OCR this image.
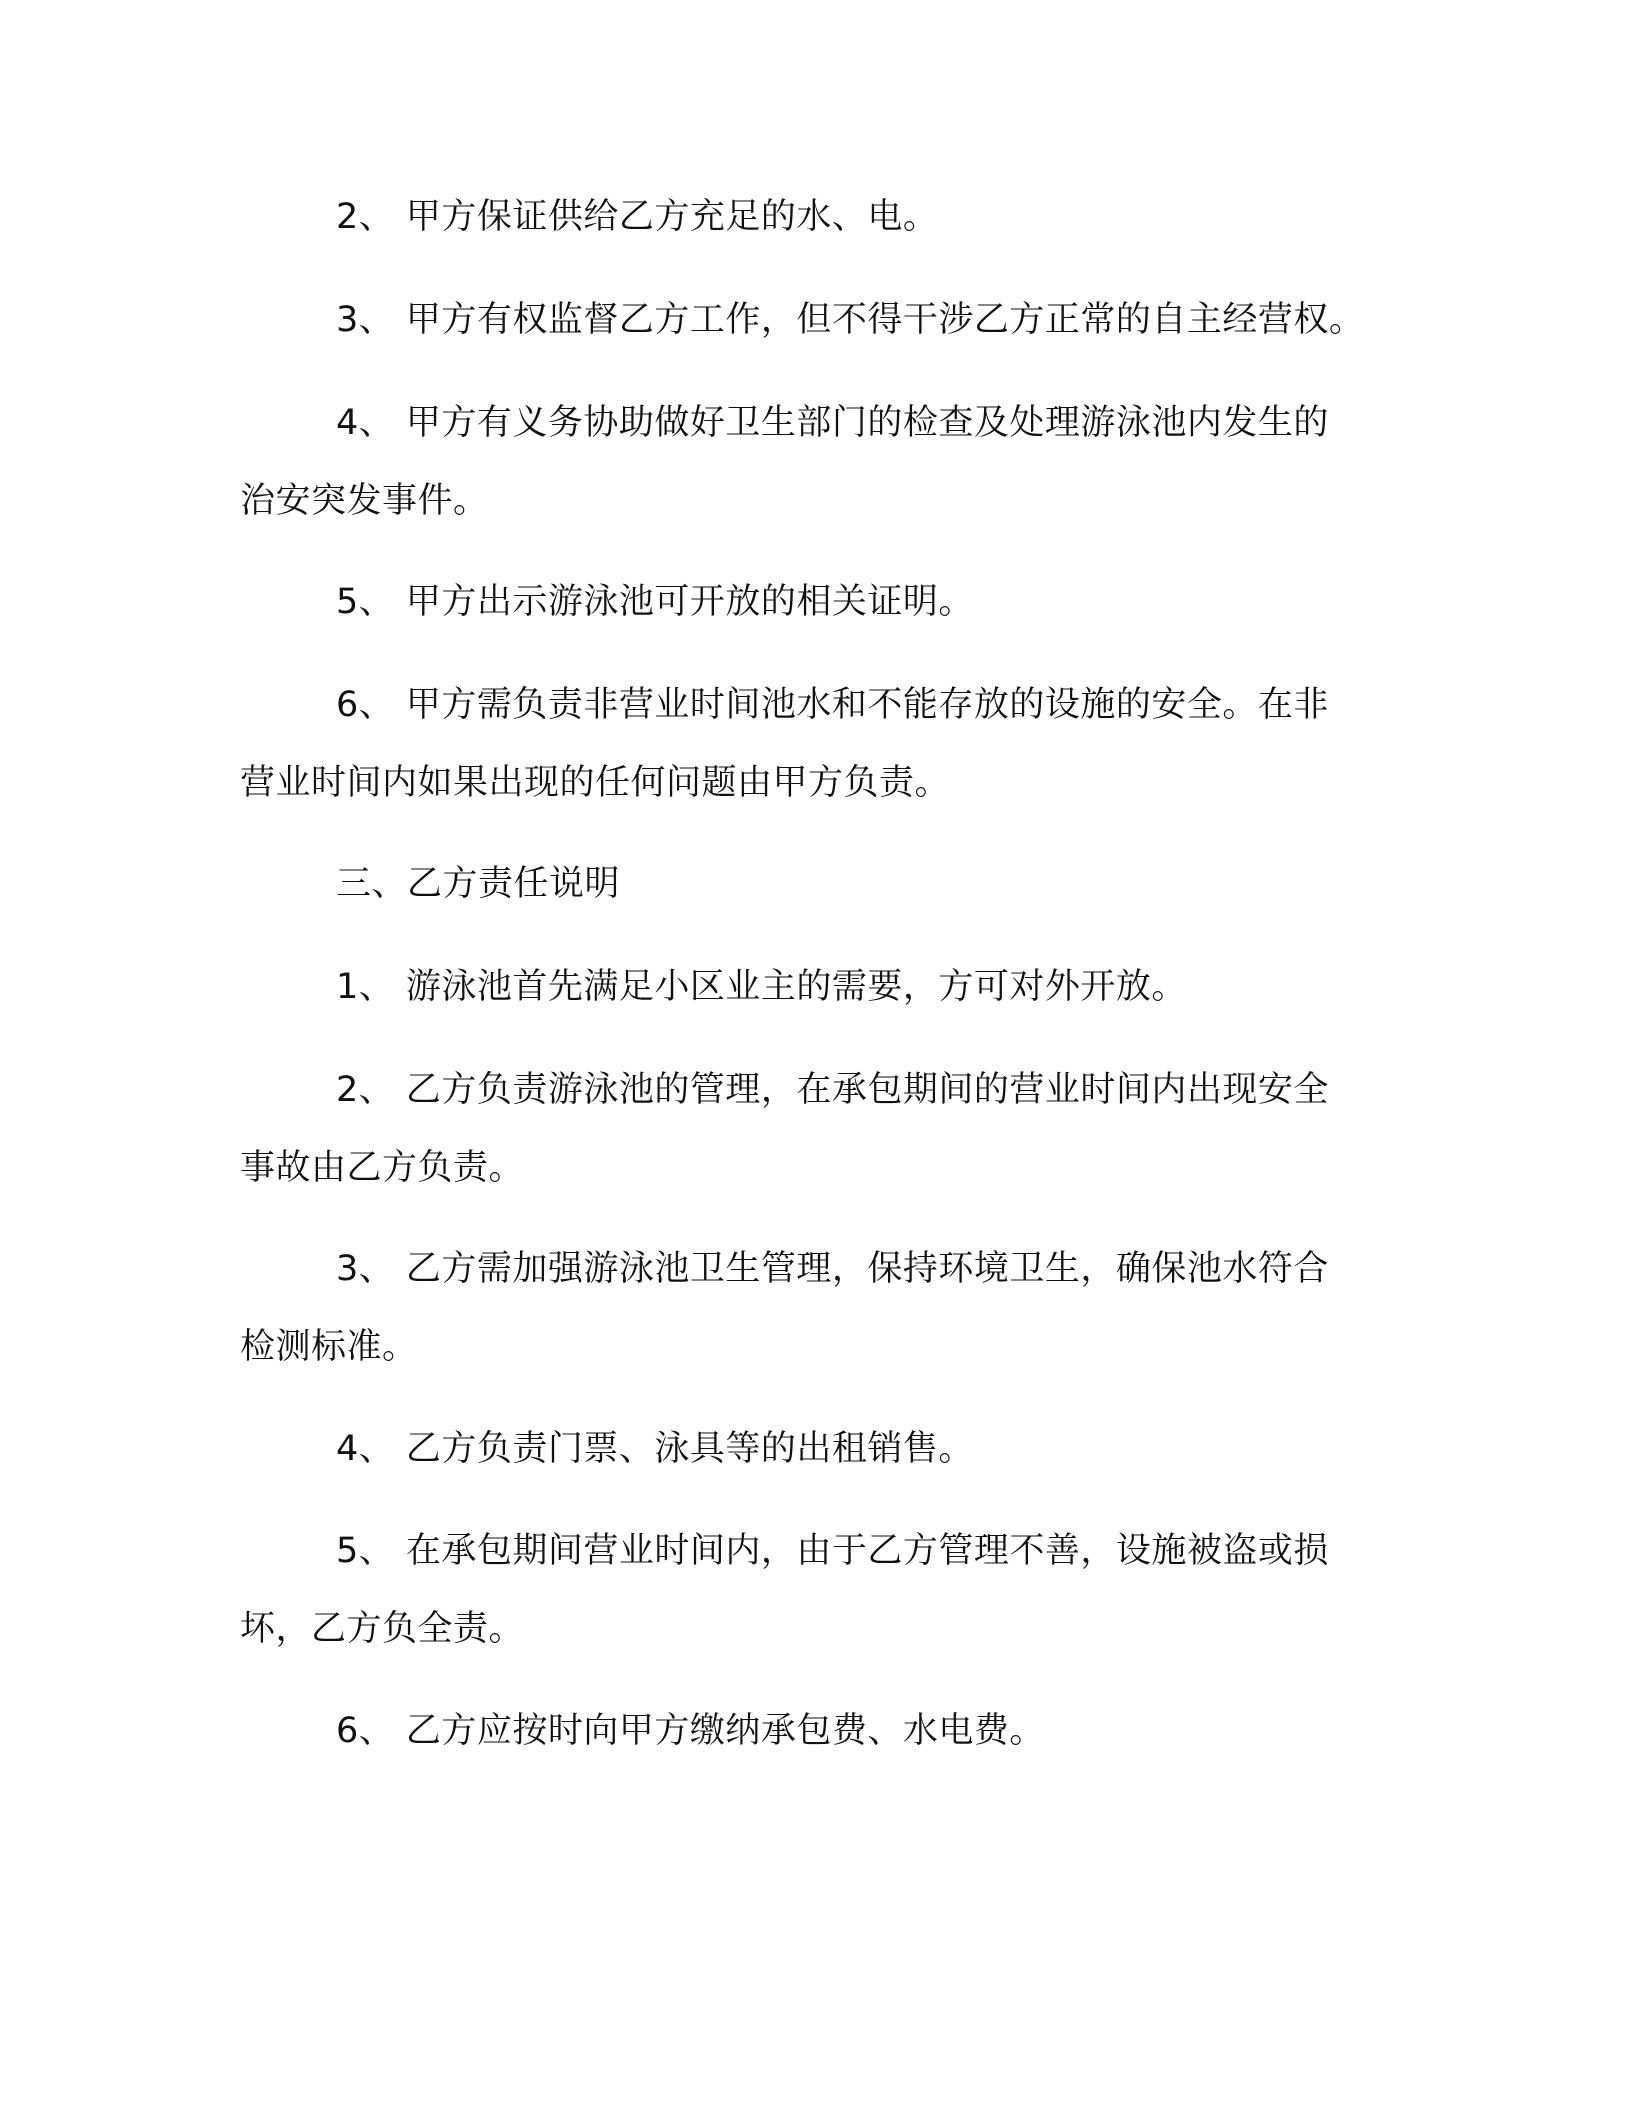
2、 甲方保证供给乙方充足的水、电。

3、 甲方有权监督乙方工作，但不得干涉乙方正常的自主经营权。

4、 甲方有义务协助做好卫生部门的检查及处理游泳池内发生的
治安突发事件。

5、 甲方出示游泳池可开放的相关证明。

6、 甲方需负责非营业时间池水和不能存放的设施的安全。在非
营业时间内如果出现的任何问题由甲方负责。

三、乙方责任说明

1、 游泳池首先满足小区业主的需要，方可对外开放。

2、 乙方负责游泳池的管理，在承包期间的营业时间内出现安全
事故由乙方负责。

3、 乙方需加强游泳池卫生管理，保持环境卫生，确保池水符合
检测标准。

4、 乙方负责门票、泳具等的出租销售。

5、 在承包期间营业时间内，由于乙方管理不善，设施被盗或损
坏，乙方负全责。

6、 乙方应按时向甲方缴纳承包费、水电费。
